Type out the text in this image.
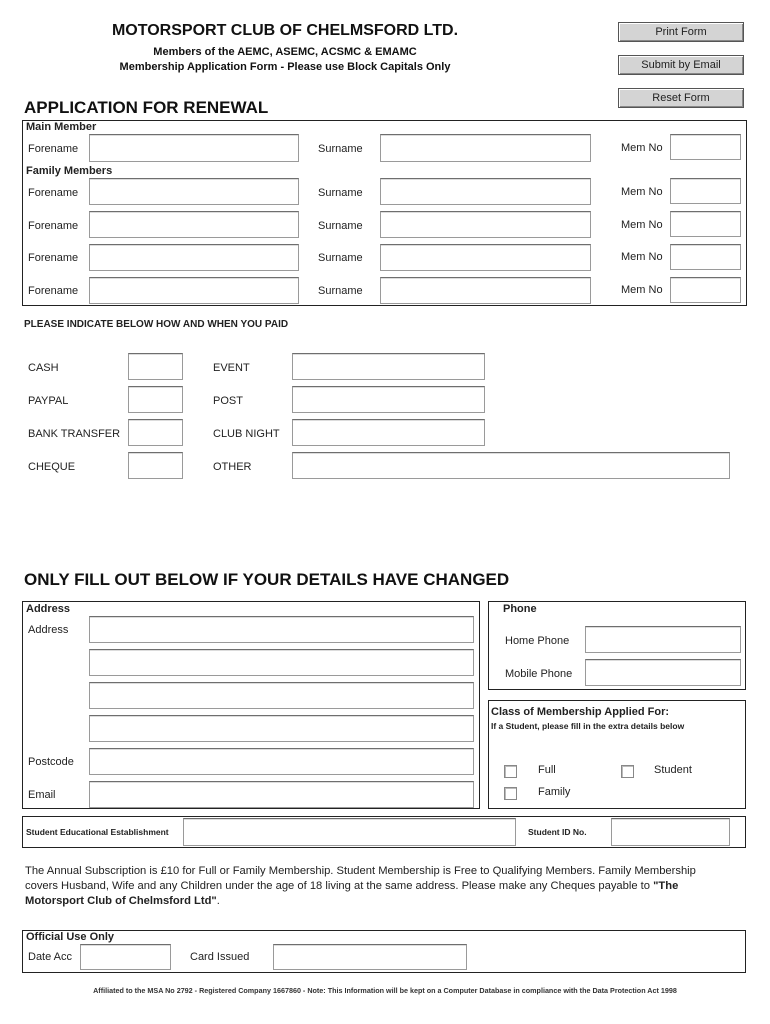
MOTORSPORT CLUB OF CHELMSFORD LTD.
Members of the AEMC, ASEMC, ACSMC & EMAMC
Membership Application Form - Please use Block Capitals Only
Print Form
Submit by Email
Reset Form
APPLICATION FOR RENEWAL
Main Member
Family Members
Forename	Surname	Mem No
Forename	Surname	Mem No
Forename	Surname	Mem No
Forename	Surname	Mem No
Forename	Surname	Mem No
PLEASE INDICATE BELOW HOW AND WHEN YOU PAID
CASH	EVENT
PAYPAL	POST
BANK TRANSFER	CLUB NIGHT
CHEQUE	OTHER
ONLY FILL OUT BELOW IF YOUR DETAILS HAVE CHANGED
Address
Address
Postcode
Email
Phone
Home Phone
Mobile Phone
Class of Membership Applied For:
If a Student, please fill in the extra details below
Full	Student
Family
Student Educational Establishment	Student ID No.
The Annual Subscription is £10 for Full or Family Membership. Student Membership is Free to Qualifying Members. Family Membership
covers Husband, Wife and any Children under the age of 18 living at the same address. Please make any Cheques payable to "The
Motorsport Club of Chelmsford Ltd".
Official Use Only
Date Acc	Card Issued
Affiliated to the MSA No 2792 - Registered Company 1667860 - Note: This Information will be kept on a Computer Database in compliance with the Data Protection Act 1998
